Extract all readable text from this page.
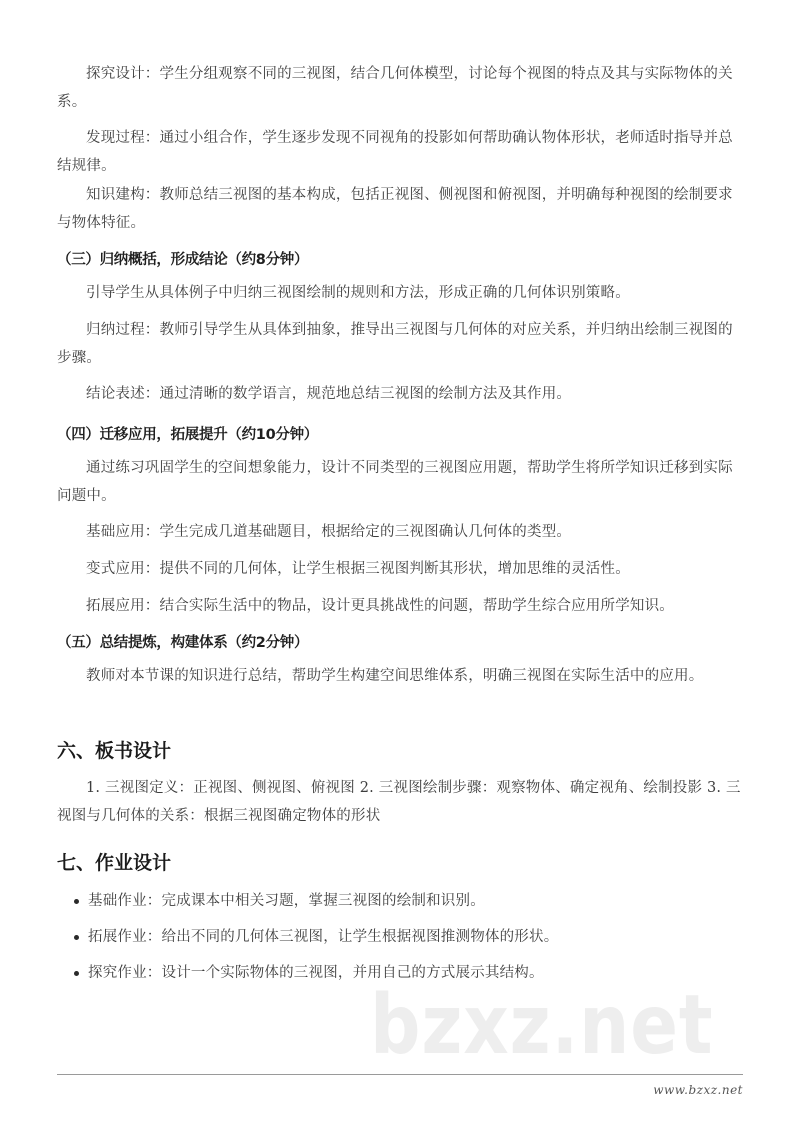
探究设计：学生分组观察不同的三视图，结合几何体模型，讨论每个视图的特点及其与实际物体的关系。

发现过程：通过小组合作，学生逐步发现不同视角的投影如何帮助确认物体形状，老师适时指导并总结规律。

知识建构：教师总结三视图的基本构成，包括正视图、侧视图和俯视图，并明确每种视图的绘制要求与物体特征。

（三）归纳概括，形成结论（约8分钟）

引导学生从具体例子中归纳三视图绘制的规则和方法，形成正确的几何体识别策略。

归纳过程：教师引导学生从具体到抽象，推导出三视图与几何体的对应关系，并归纳出绘制三视图的步骤。

结论表述：通过清晰的数学语言，规范地总结三视图的绘制方法及其作用。

（四）迁移应用，拓展提升（约10分钟）

通过练习巩固学生的空间想象能力，设计不同类型的三视图应用题，帮助学生将所学知识迁移到实际问题中。

基础应用：学生完成几道基础题目，根据给定的三视图确认几何体的类型。

变式应用：提供不同的几何体，让学生根据三视图判断其形状，增加思维的灵活性。

拓展应用：结合实际生活中的物品，设计更具挑战性的问题，帮助学生综合应用所学知识。

（五）总结提炼，构建体系（约2分钟）

教师对本节课的知识进行总结，帮助学生构建空间思维体系，明确三视图在实际生活中的应用。

六、板书设计

1. 三视图定义：正视图、侧视图、俯视图 2. 三视图绘制步骤：观察物体、确定视角、绘制投影 3. 三视图与几何体的关系：根据三视图确定物体的形状

七、作业设计
基础作业：完成课本中相关习题，掌握三视图的绘制和识别。
拓展作业：给出不同的几何体三视图，让学生根据视图推测物体的形状。
探究作业：设计一个实际物体的三视图，并用自己的方式展示其结构。
bzxz.net
www.bzxz.net
